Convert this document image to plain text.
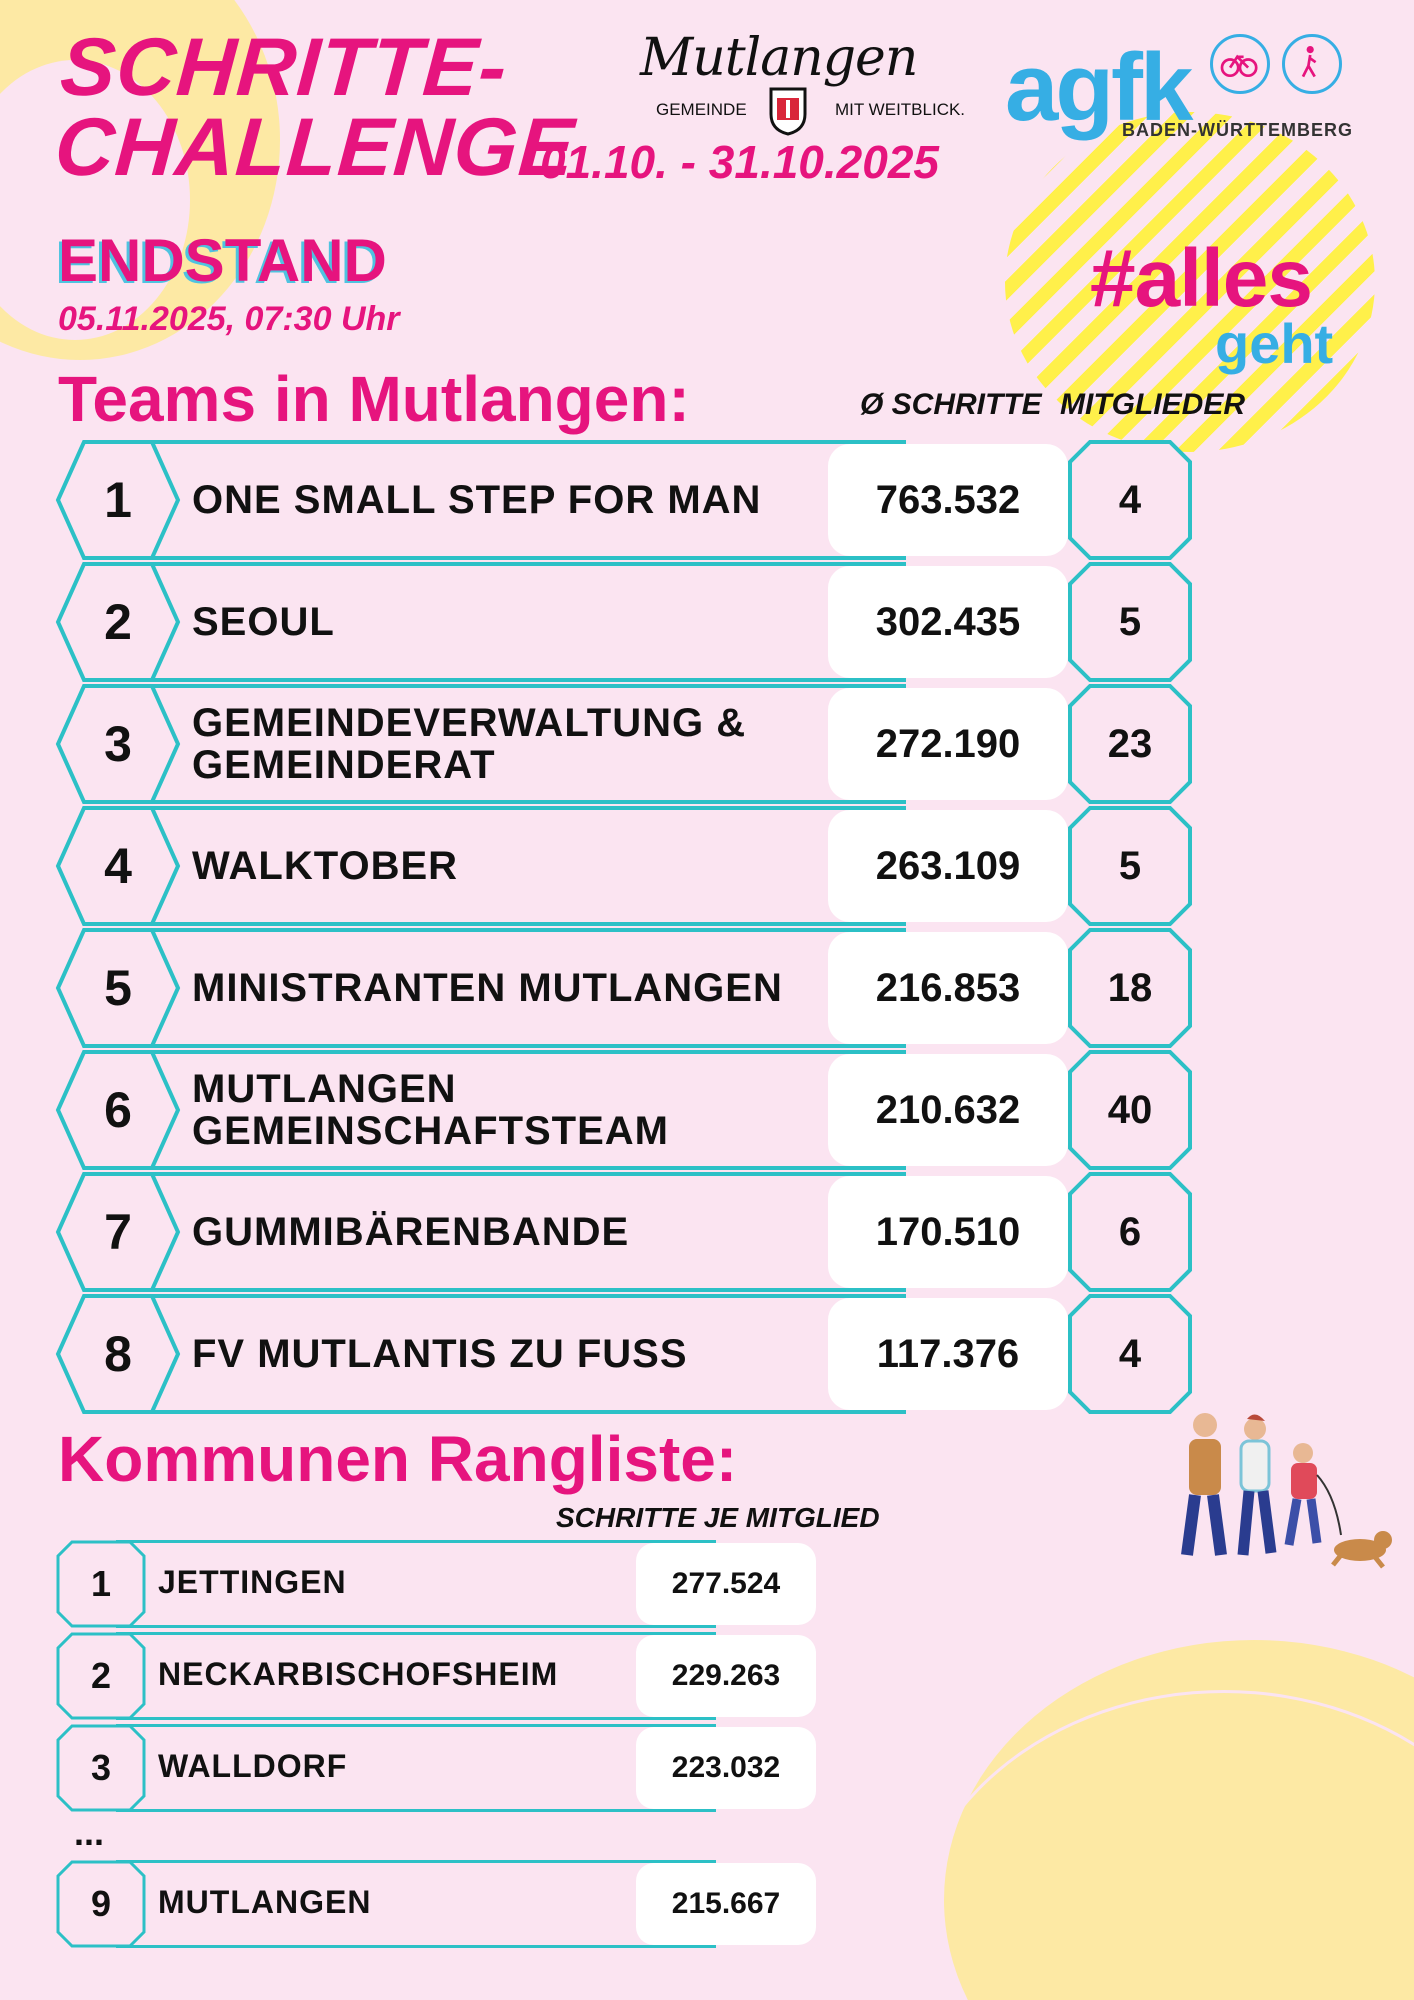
SCHRITTE-
CHALLENGE
ENDSTAND
05.11.2025, 07:30 Uhr
01.10. - 31.10.2025
Mutlangen
GEMEINDE	MIT WEITBLICK. agfk
BADEN-WÜRTTEMBERG
#alles
geht
Teams in Mutlangen:	Ø SCHRITTE MITGLIEDER
1	ONE SMALL STEP FOR MAN	763.532	4
2	SEOUL	302.435	5
3	GEMEINDEVERWALTUNG & GEMEINDERAT	272.190	23
4	WALKTOBER	263.109	5
5	MINISTRANTEN MUTLANGEN	216.853	18
6	MUTLANGEN GEMEINSCHAFTSTEAM	210.632	40
7	GUMMIBÄRENBANDE	170.510	6
8	FV MUTLANTIS ZU FUSS	117.376	4
Kommunen Rangliste:
SCHRITTE JE MITGLIED
1	JETTINGEN	277.524
2	NECKARBISCHOFSHEIM	229.263
3	WALLDORF	223.032
9	MUTLANGEN	215.667
...
